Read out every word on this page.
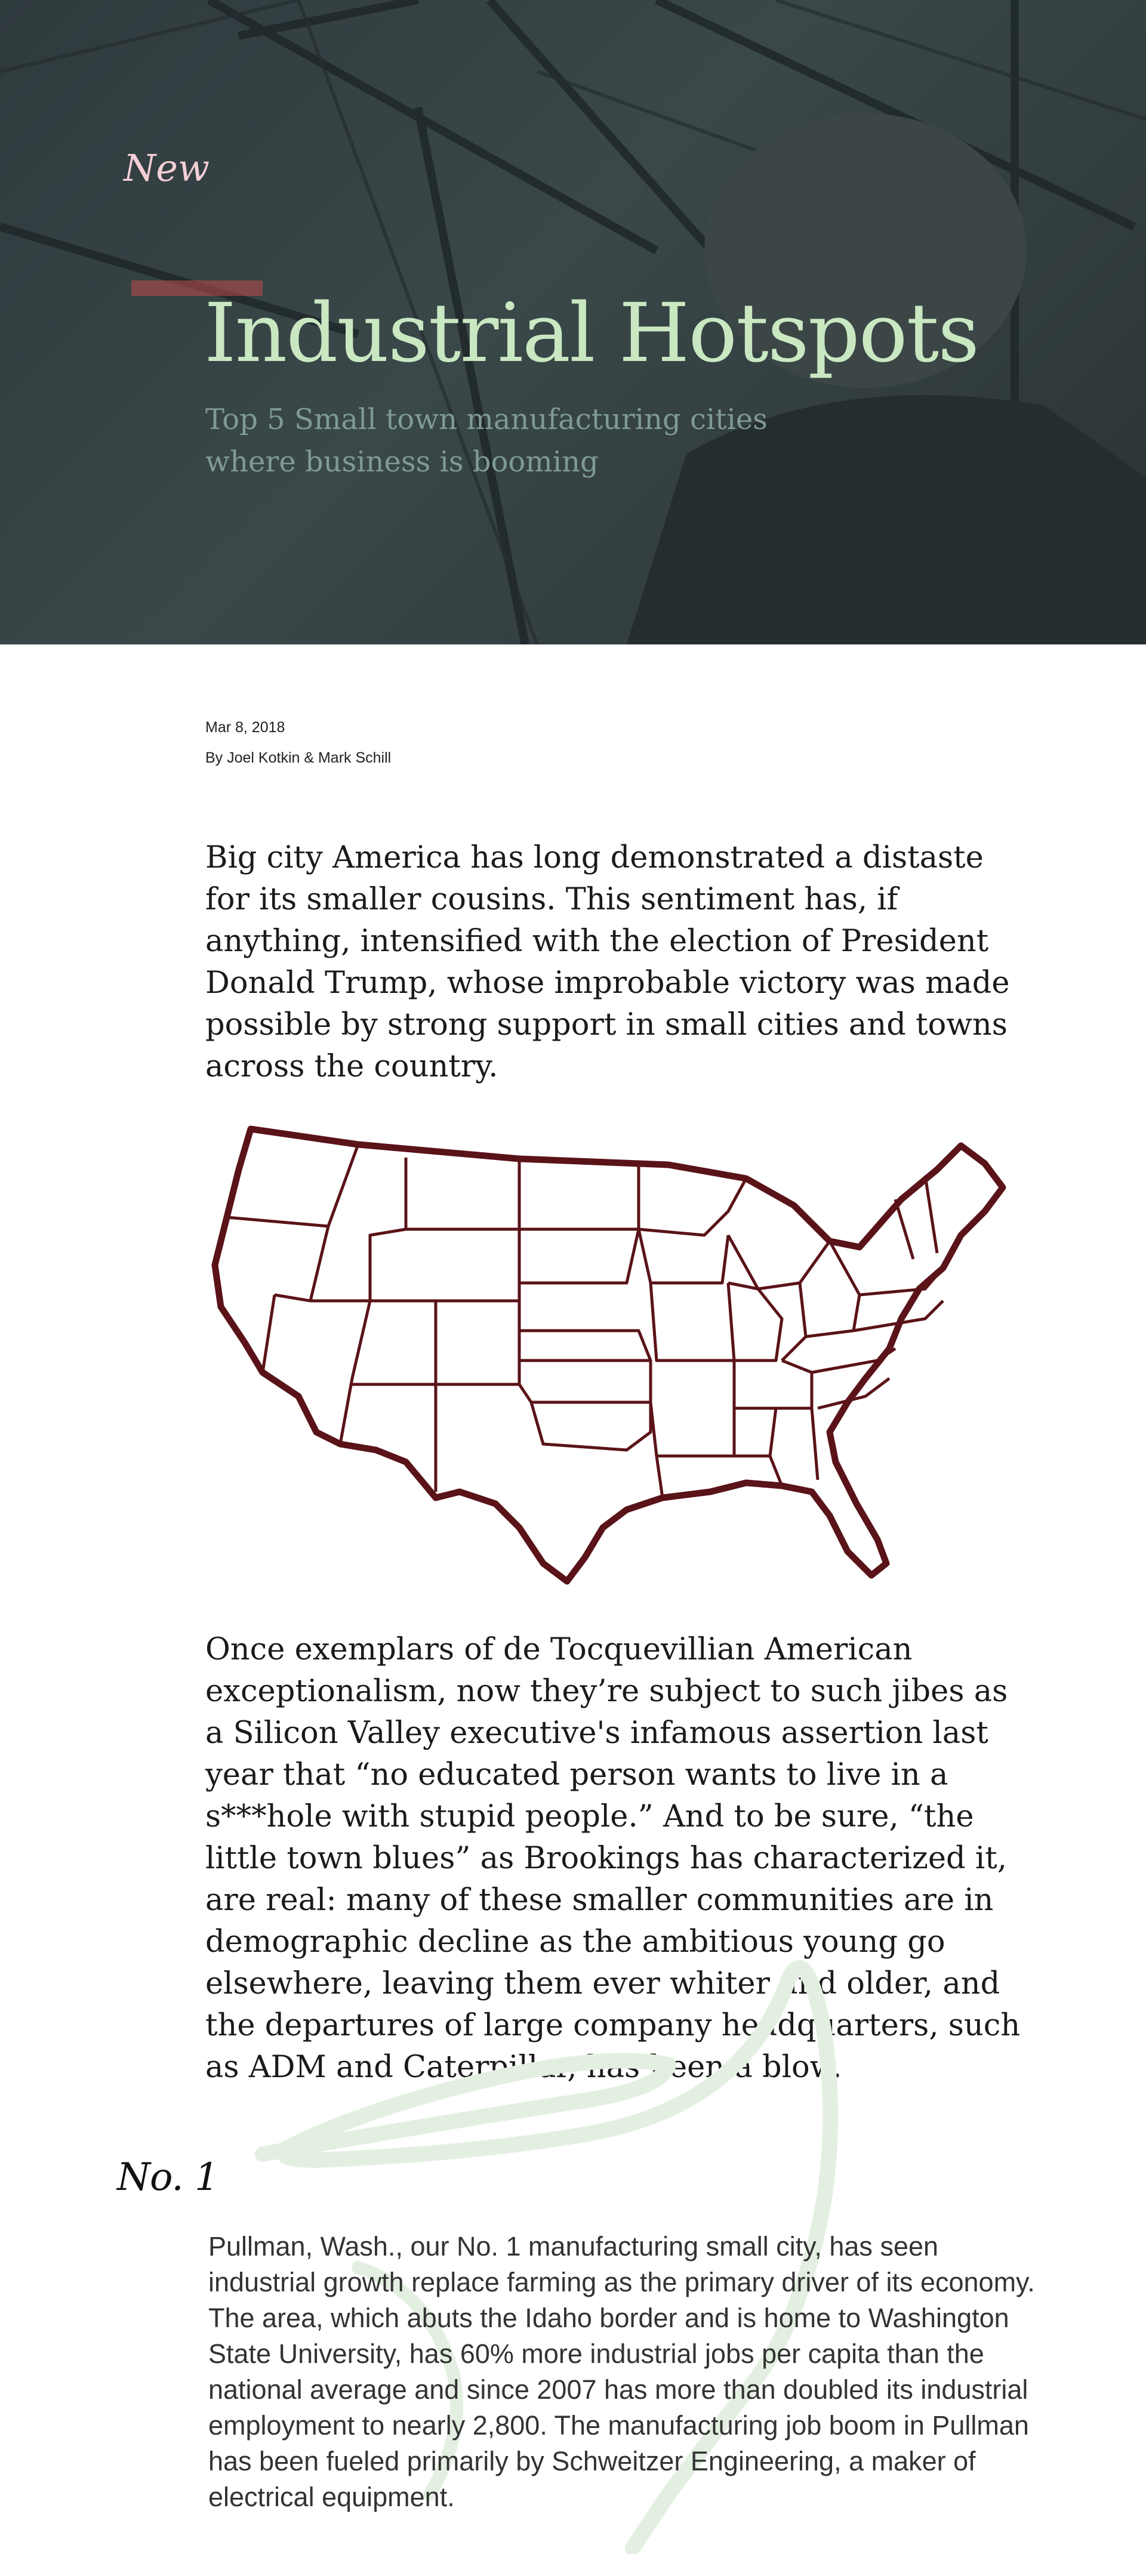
New
Industrial Hotspots
Top 5 Small town manufacturing cities where business is booming
Mar 8, 2018
By Joel Kotkin & Mark Schill
Big city America has long demonstrated a distaste for its smaller cousins. This sentiment has, if anything, intensified with the election of President Donald Trump, whose improbable victory was made possible by strong support in small cities and towns across the country.
Once exemplars of de Tocquevillian American exceptionalism, now they’re subject to such jibes as a Silicon Valley executive's infamous assertion last year that “no educated person wants to live in a s***hole with stupid people.” And to be sure, “the little town blues” as Brookings has characterized it, are real: many of these smaller communities are in demographic decline as the ambitious young go elsewhere, leaving them ever whiter and older, and the departures of large company headquarters, such as ADM and Caterpillar, has been a blow.
No. 1
Pullman, Wash., our No. 1 manufacturing small city, has seen industrial growth replace farming as the primary driver of its economy. The area, which abuts the Idaho border and is home to Washington State University, has 60% more industrial jobs per capita than the national average and since 2007 has more than doubled its industrial employment to nearly 2,800. The manufacturing job boom in Pullman has been fueled primarily by Schweitzer Engineering, a maker of electrical equipment.
